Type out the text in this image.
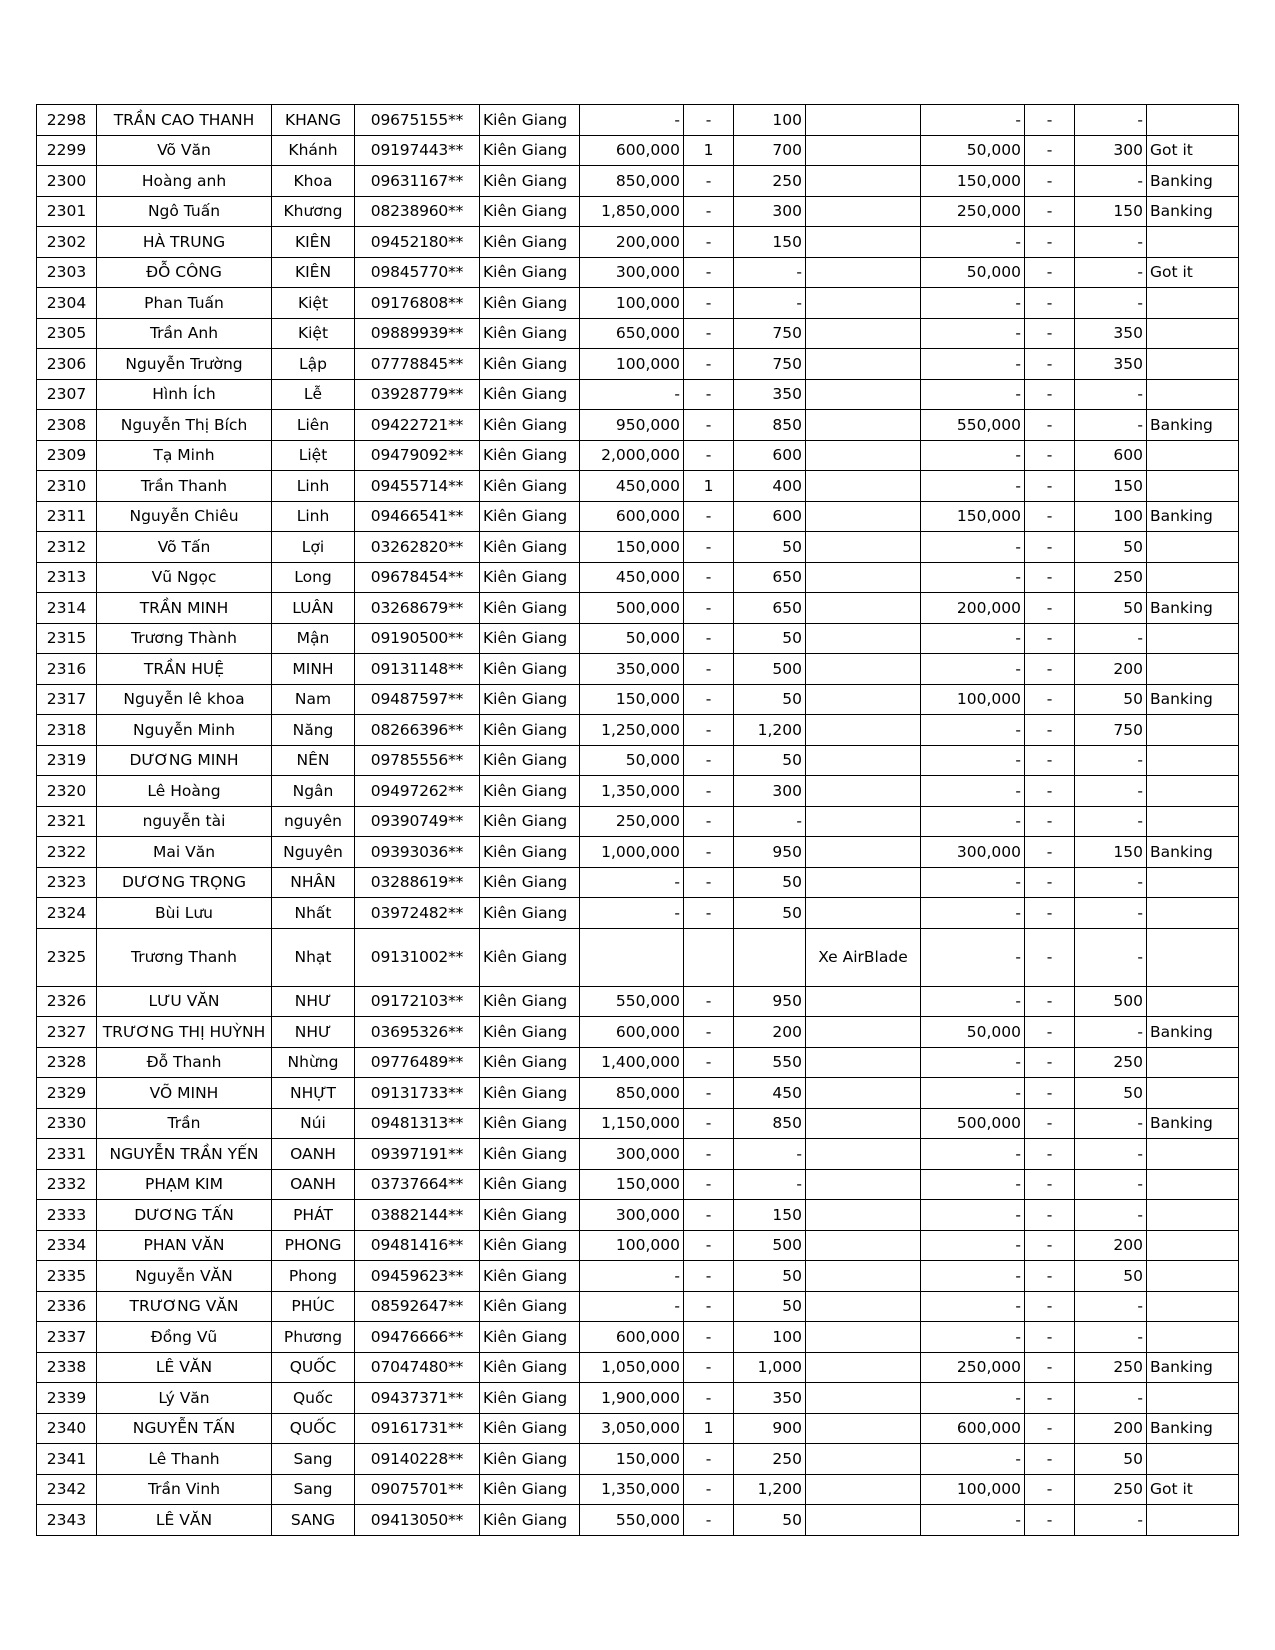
2298	TRẦN CAO THANH	KHANG	09675155**	Kiên Giang	-	-	100		-	-	-	
2299	Võ Văn	Khánh	09197443**	Kiên Giang	600,000	1	700		50,000	-	300	Got it
2300	Hoàng anh	Khoa	09631167**	Kiên Giang	850,000	-	250		150,000	-	-	Banking
2301	Ngô Tuấn	Khương	08238960**	Kiên Giang	1,850,000	-	300		250,000	-	150	Banking
2302	HÀ TRUNG	KIÊN	09452180**	Kiên Giang	200,000	-	150		-	-	-	
2303	ĐỖ CÔNG	KIÊN	09845770**	Kiên Giang	300,000	-	-		50,000	-	-	Got it
2304	Phan Tuấn	Kiệt	09176808**	Kiên Giang	100,000	-	-		-	-	-	
2305	Trần Anh	Kiệt	09889939**	Kiên Giang	650,000	-	750		-	-	350	
2306	Nguyễn Trường	Lập	07778845**	Kiên Giang	100,000	-	750		-	-	350	
2307	Hình Ích	Lễ	03928779**	Kiên Giang	-	-	350		-	-	-	
2308	Nguyễn Thị Bích	Liên	09422721**	Kiên Giang	950,000	-	850		550,000	-	-	Banking
2309	Tạ Minh	Liệt	09479092**	Kiên Giang	2,000,000	-	600		-	-	600	
2310	Trần Thanh	Linh	09455714**	Kiên Giang	450,000	1	400		-	-	150	
2311	Nguyễn Chiêu	Linh	09466541**	Kiên Giang	600,000	-	600		150,000	-	100	Banking
2312	Võ Tấn	Lợi	03262820**	Kiên Giang	150,000	-	50		-	-	50	
2313	Vũ Ngọc	Long	09678454**	Kiên Giang	450,000	-	650		-	-	250	
2314	TRẦN MINH	LUÂN	03268679**	Kiên Giang	500,000	-	650		200,000	-	50	Banking
2315	Trương Thành	Mận	09190500**	Kiên Giang	50,000	-	50		-	-	-	
2316	TRẦN HUỆ	MINH	09131148**	Kiên Giang	350,000	-	500		-	-	200	
2317	Nguyễn lê khoa	Nam	09487597**	Kiên Giang	150,000	-	50		100,000	-	50	Banking
2318	Nguyễn Minh	Năng	08266396**	Kiên Giang	1,250,000	-	1,200		-	-	750	
2319	DƯƠNG MINH	NÊN	09785556**	Kiên Giang	50,000	-	50		-	-	-	
2320	Lê Hoàng	Ngân	09497262**	Kiên Giang	1,350,000	-	300		-	-	-	
2321	nguyễn tài	nguyên	09390749**	Kiên Giang	250,000	-	-		-	-	-	
2322	Mai Văn	Nguyên	09393036**	Kiên Giang	1,000,000	-	950		300,000	-	150	Banking
2323	DƯƠNG TRỌNG	NHÂN	03288619**	Kiên Giang	-	-	50		-	-	-	
2324	Bùi Lưu	Nhất	03972482**	Kiên Giang	-	-	50		-	-	-	
2325	Trương Thanh	Nhạt	09131002**	Kiên Giang				Xe AirBlade	-	-	-	
2326	LƯU VĂN	NHƯ	09172103**	Kiên Giang	550,000	-	950		-	-	500	
2327	TRƯƠNG THỊ HUỲNH	NHƯ	03695326**	Kiên Giang	600,000	-	200		50,000	-	-	Banking
2328	Đỗ Thanh	Nhừng	09776489**	Kiên Giang	1,400,000	-	550		-	-	250	
2329	VÕ MINH	NHỰT	09131733**	Kiên Giang	850,000	-	450		-	-	50	
2330	Trần	Núi	09481313**	Kiên Giang	1,150,000	-	850		500,000	-	-	Banking
2331	NGUYỄN TRẦN YẾN	OANH	09397191**	Kiên Giang	300,000	-	-		-	-	-	
2332	PHẠM KIM	OANH	03737664**	Kiên Giang	150,000	-	-		-	-	-	
2333	DƯƠNG TẤN	PHÁT	03882144**	Kiên Giang	300,000	-	150		-	-	-	
2334	PHAN VĂN	PHONG	09481416**	Kiên Giang	100,000	-	500		-	-	200	
2335	Nguyễn VĂN	Phong	09459623**	Kiên Giang	-	-	50		-	-	50	
2336	TRƯƠNG VĂN	PHÚC	08592647**	Kiên Giang	-	-	50		-	-	-	
2337	Đồng Vũ	Phương	09476666**	Kiên Giang	600,000	-	100		-	-	-	
2338	LÊ VĂN	QUỐC	07047480**	Kiên Giang	1,050,000	-	1,000		250,000	-	250	Banking
2339	Lý Văn	Quốc	09437371**	Kiên Giang	1,900,000	-	350		-	-	-	
2340	NGUYỄN TẤN	QUỐC	09161731**	Kiên Giang	3,050,000	1	900		600,000	-	200	Banking
2341	Lê Thanh	Sang	09140228**	Kiên Giang	150,000	-	250		-	-	50	
2342	Trần Vinh	Sang	09075701**	Kiên Giang	1,350,000	-	1,200		100,000	-	250	Got it
2343	LÊ VĂN	SANG	09413050**	Kiên Giang	550,000	-	50		-	-	-	
